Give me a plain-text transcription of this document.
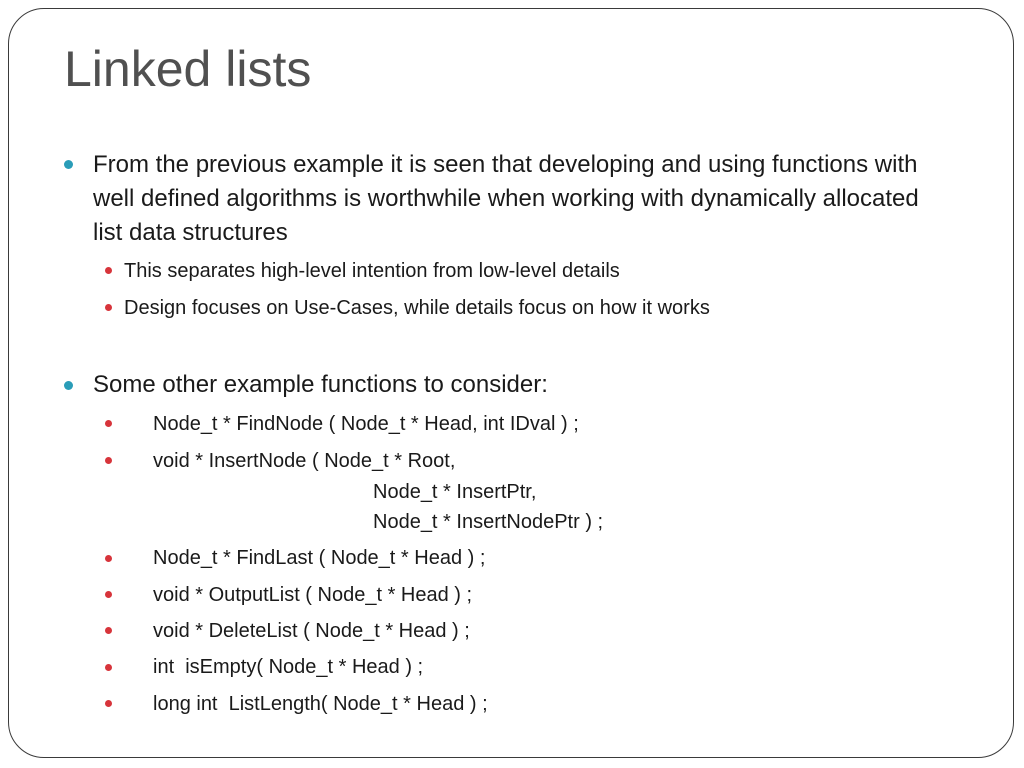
Linked lists
From the previous example it is seen that developing and using functions with well defined algorithms is worthwhile when working with dynamically allocated list data structures
This separates high-level intention from low-level details
Design focuses on Use-Cases, while details focus on how it works
Some other example functions to consider:
Node_t * FindNode ( Node_t * Head, int IDval ) ;
void * InsertNode ( Node_t * Root,
Node_t * InsertPtr,
Node_t * InsertNodePtr ) ;
Node_t * FindLast ( Node_t * Head ) ;
void * OutputList ( Node_t * Head ) ;
void * DeleteList ( Node_t * Head ) ;
int  isEmpty( Node_t * Head ) ;
long int  ListLength( Node_t * Head ) ;
